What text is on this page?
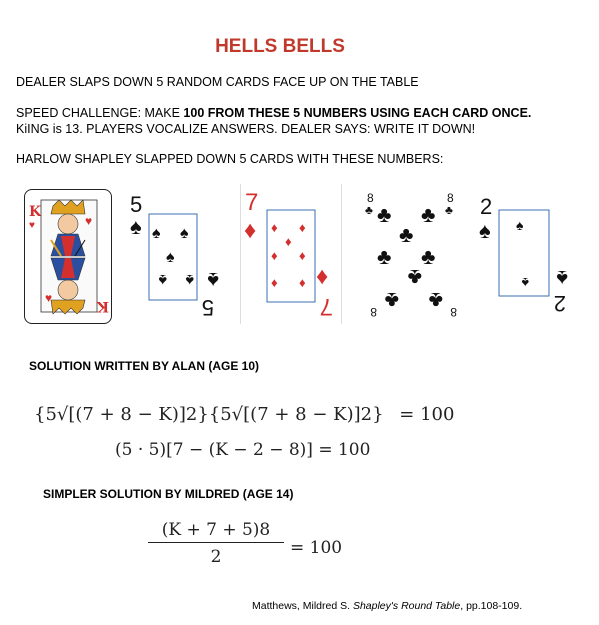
HELLS BELLS
DEALER SLAPS DOWN 5 RANDOM CARDS FACE UP ON THE TABLE
SPEED CHALLENGE: MAKE 100 FROM THESE 5 NUMBERS USING EACH CARD ONCE.
KiING is 13. PLAYERS VOCALIZE ANSWERS. DEALER SAYS: WRITE IT DOWN!
HARLOW SHAPLEY SLAPPED DOWN 5 CARDS WITH THESE NUMBERS:
K
♥	♥
♥	K
5
♠ ♠ ♠
♠
♠ ♠ ♠
5
7
♦ ♦ ♦
♦
♦ ♦
♦ ♦ ♦
7
8
♣
8
♣
♣ ♣
♣
♣ ♣
♣
♣ ♣
8	8
2
♠ ♠
♠ ♠
2
SOLUTION WRITTEN BY ALAN (AGE 10)
{5√[(7 + 8 − K)]2}{5√[(7 + 8 − K)]2} = 100
(5 · 5)[7 − (K − 2 − 8)] = 100
SIMPLER SOLUTION BY MILDRED (AGE 14)
$\frac{(K + 7 + 5)8}{2} = 100$
Matthews, Mildred S. Shapley's Round Table, pp.108-109.
